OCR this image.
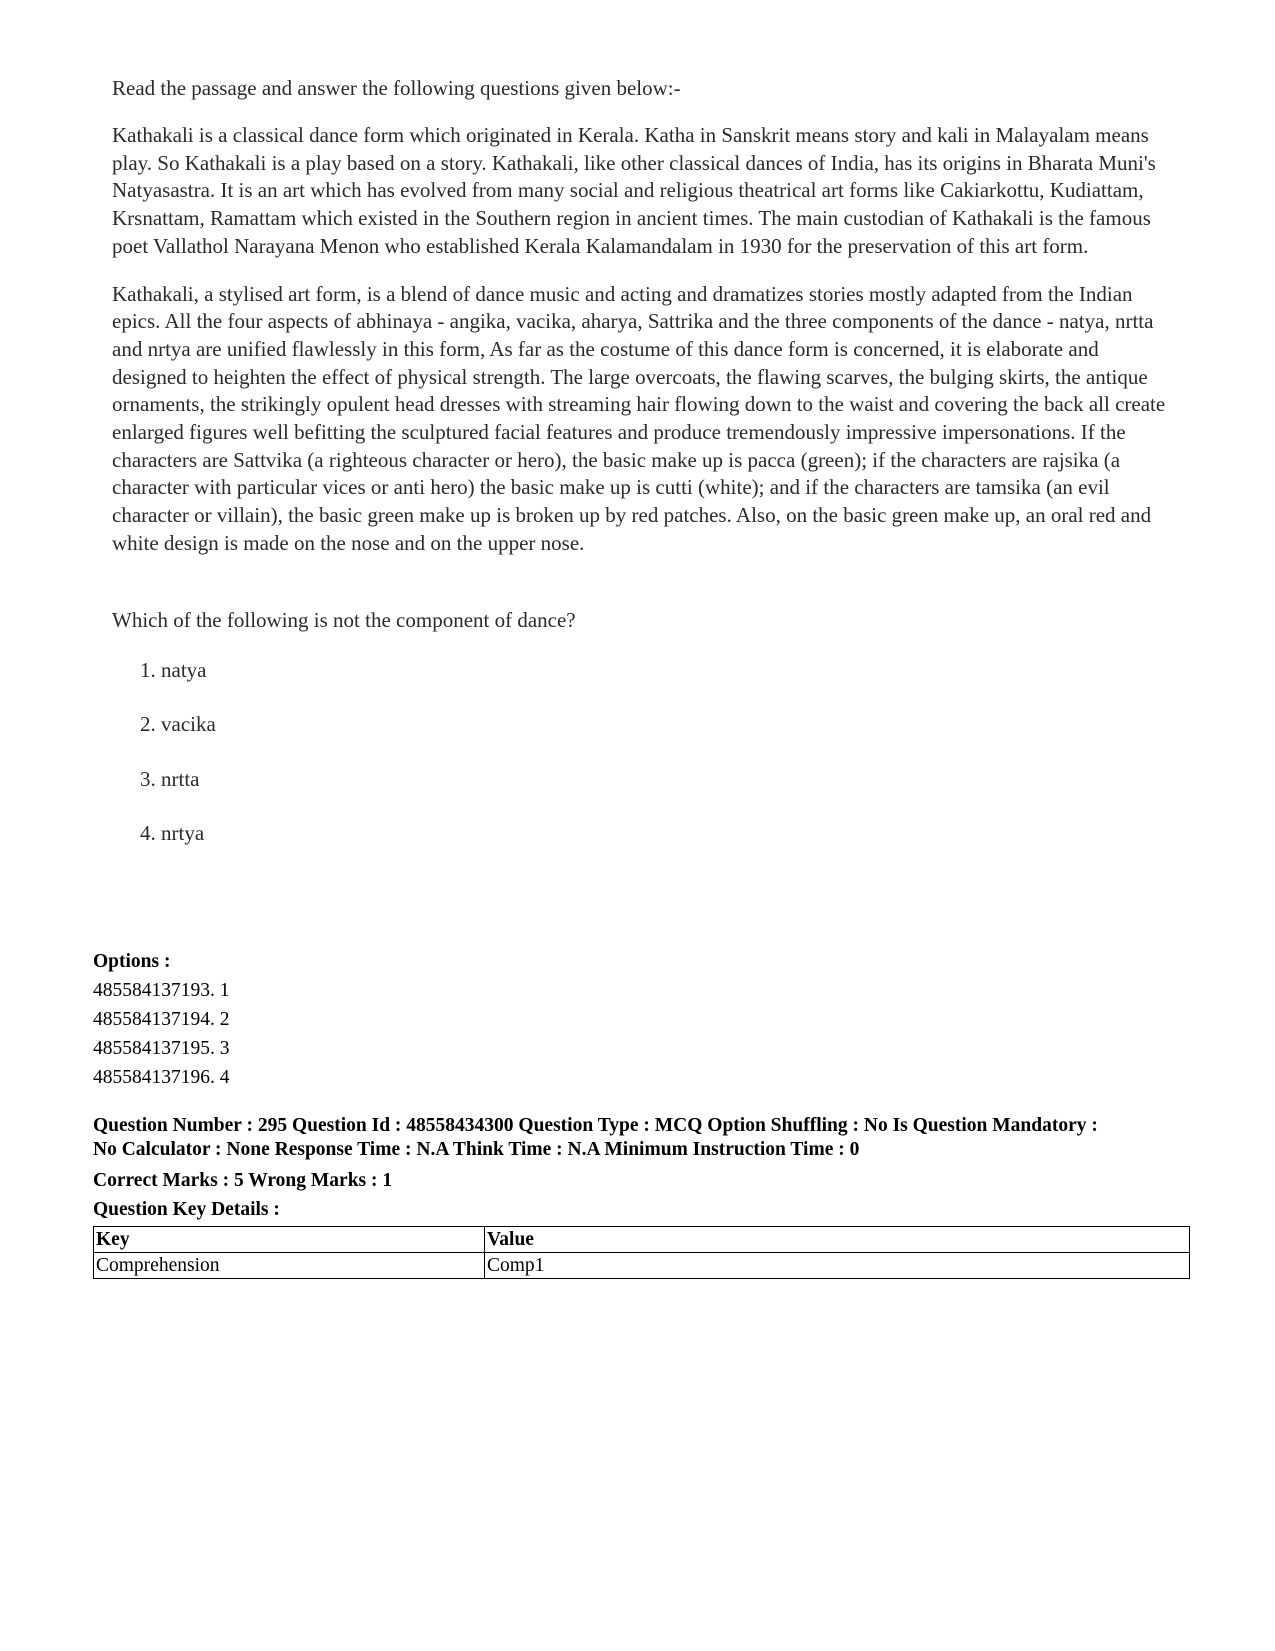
Read the passage and answer the following questions given below:-

Kathakali is a classical dance form which originated in Kerala. Katha in Sanskrit means story and kali in Malayalam means play. So Kathakali is a play based on a story. Kathakali, like other classical dances of India, has its origins in Bharata Muni's Natyasastra. It is an art which has evolved from many social and religious theatrical art forms like Cakiarkottu, Kudiattam, Krsnattam, Ramattam which existed in the Southern region in ancient times. The main custodian of Kathakali is the famous poet Vallathol Narayana Menon who established Kerala Kalamandalam in 1930 for the preservation of this art form.

Kathakali, a stylised art form, is a blend of dance music and acting and dramatizes stories mostly adapted from the Indian epics. All the four aspects of abhinaya - angika, vacika, aharya, Sattrika and the three components of the dance - natya, nrtta and nrtya are unified flawlessly in this form, As far as the costume of this dance form is concerned, it is elaborate and designed to heighten the effect of physical strength. The large overcoats, the flawing scarves, the bulging skirts, the antique ornaments, the strikingly opulent head dresses with streaming hair flowing down to the waist and covering the back all create enlarged figures well befitting the sculptured facial features and produce tremendously impressive impersonations. If the characters are Sattvika (a righteous character or hero), the basic make up is pacca (green); if the characters are rajsika (a character with particular vices or anti hero) the basic make up is cutti (white); and if the characters are tamsika (an evil character or villain), the basic green make up is broken up by red patches. Also, on the basic green make up, an oral red and white design is made on the nose and on the upper nose.

Which of the following is not the component of dance?

1. natya
2. vacika
3. nrtta
4. nrtya
Options :
485584137193. 1
485584137194. 2
485584137195. 3
485584137196. 4
Question Number : 295 Question Id : 48558434300 Question Type : MCQ Option Shuffling : No Is Question Mandatory :
No Calculator : None Response Time : N.A Think Time : N.A Minimum Instruction Time : 0
Correct Marks : 5 Wrong Marks : 1
Question Key Details :
Key	Value
Comprehension	Comp1
